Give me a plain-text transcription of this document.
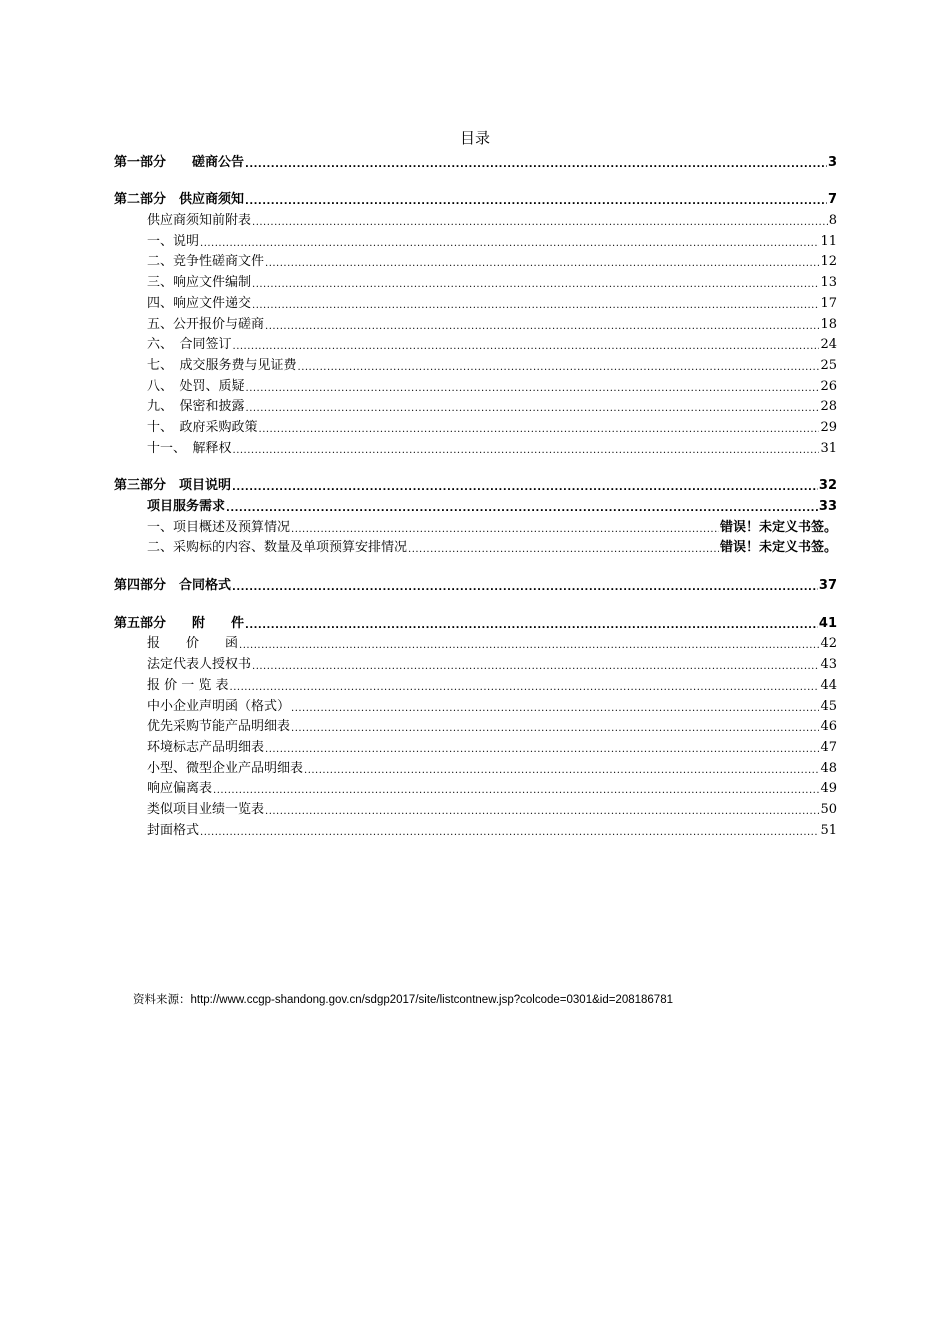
目录
第一部分　　磋商公告 .....	3
第二部分　供应商须知 .....	7
供应商须知前附表 .....	8
一、说明 .....	11
二、竞争性磋商文件 .....	12
三、响应文件编制 .....	13
四、响应文件递交 .....	17
五、公开报价与磋商 .....	18
六、　合同签订 .....	24
七、　成交服务费与见证费 .....	25
八、　处罚、质疑 .....	26
九、　保密和披露 .....	28
十、　政府采购政策 .....	29
十一、　解释权 .....	31
第三部分　项目说明 .....	32
项目服务需求 .....	33
一、项目概述及预算情况 .....	错误！未定义书签。
二、采购标的内容、数量及单项预算安排情况 .....	错误！未定义书签。
第四部分　合同格式 .....	37
第五部分　　附　　件 .....	41
报　　价　　函 .....	42
法定代表人授权书 .....	43
报 价 一 览 表 .....	44
中小企业声明函（格式） .....	45
优先采购节能产品明细表 .....	46
环境标志产品明细表 .....	47
小型、微型企业产品明细表 .....	48
响应偏离表 .....	49
类似项目业绩一览表 .....	50
封面格式 .....	51
资料来源：http://www.ccgp-shandong.gov.cn/sdgp2017/site/listcontnew.jsp?colcode=0301&id=208186781
